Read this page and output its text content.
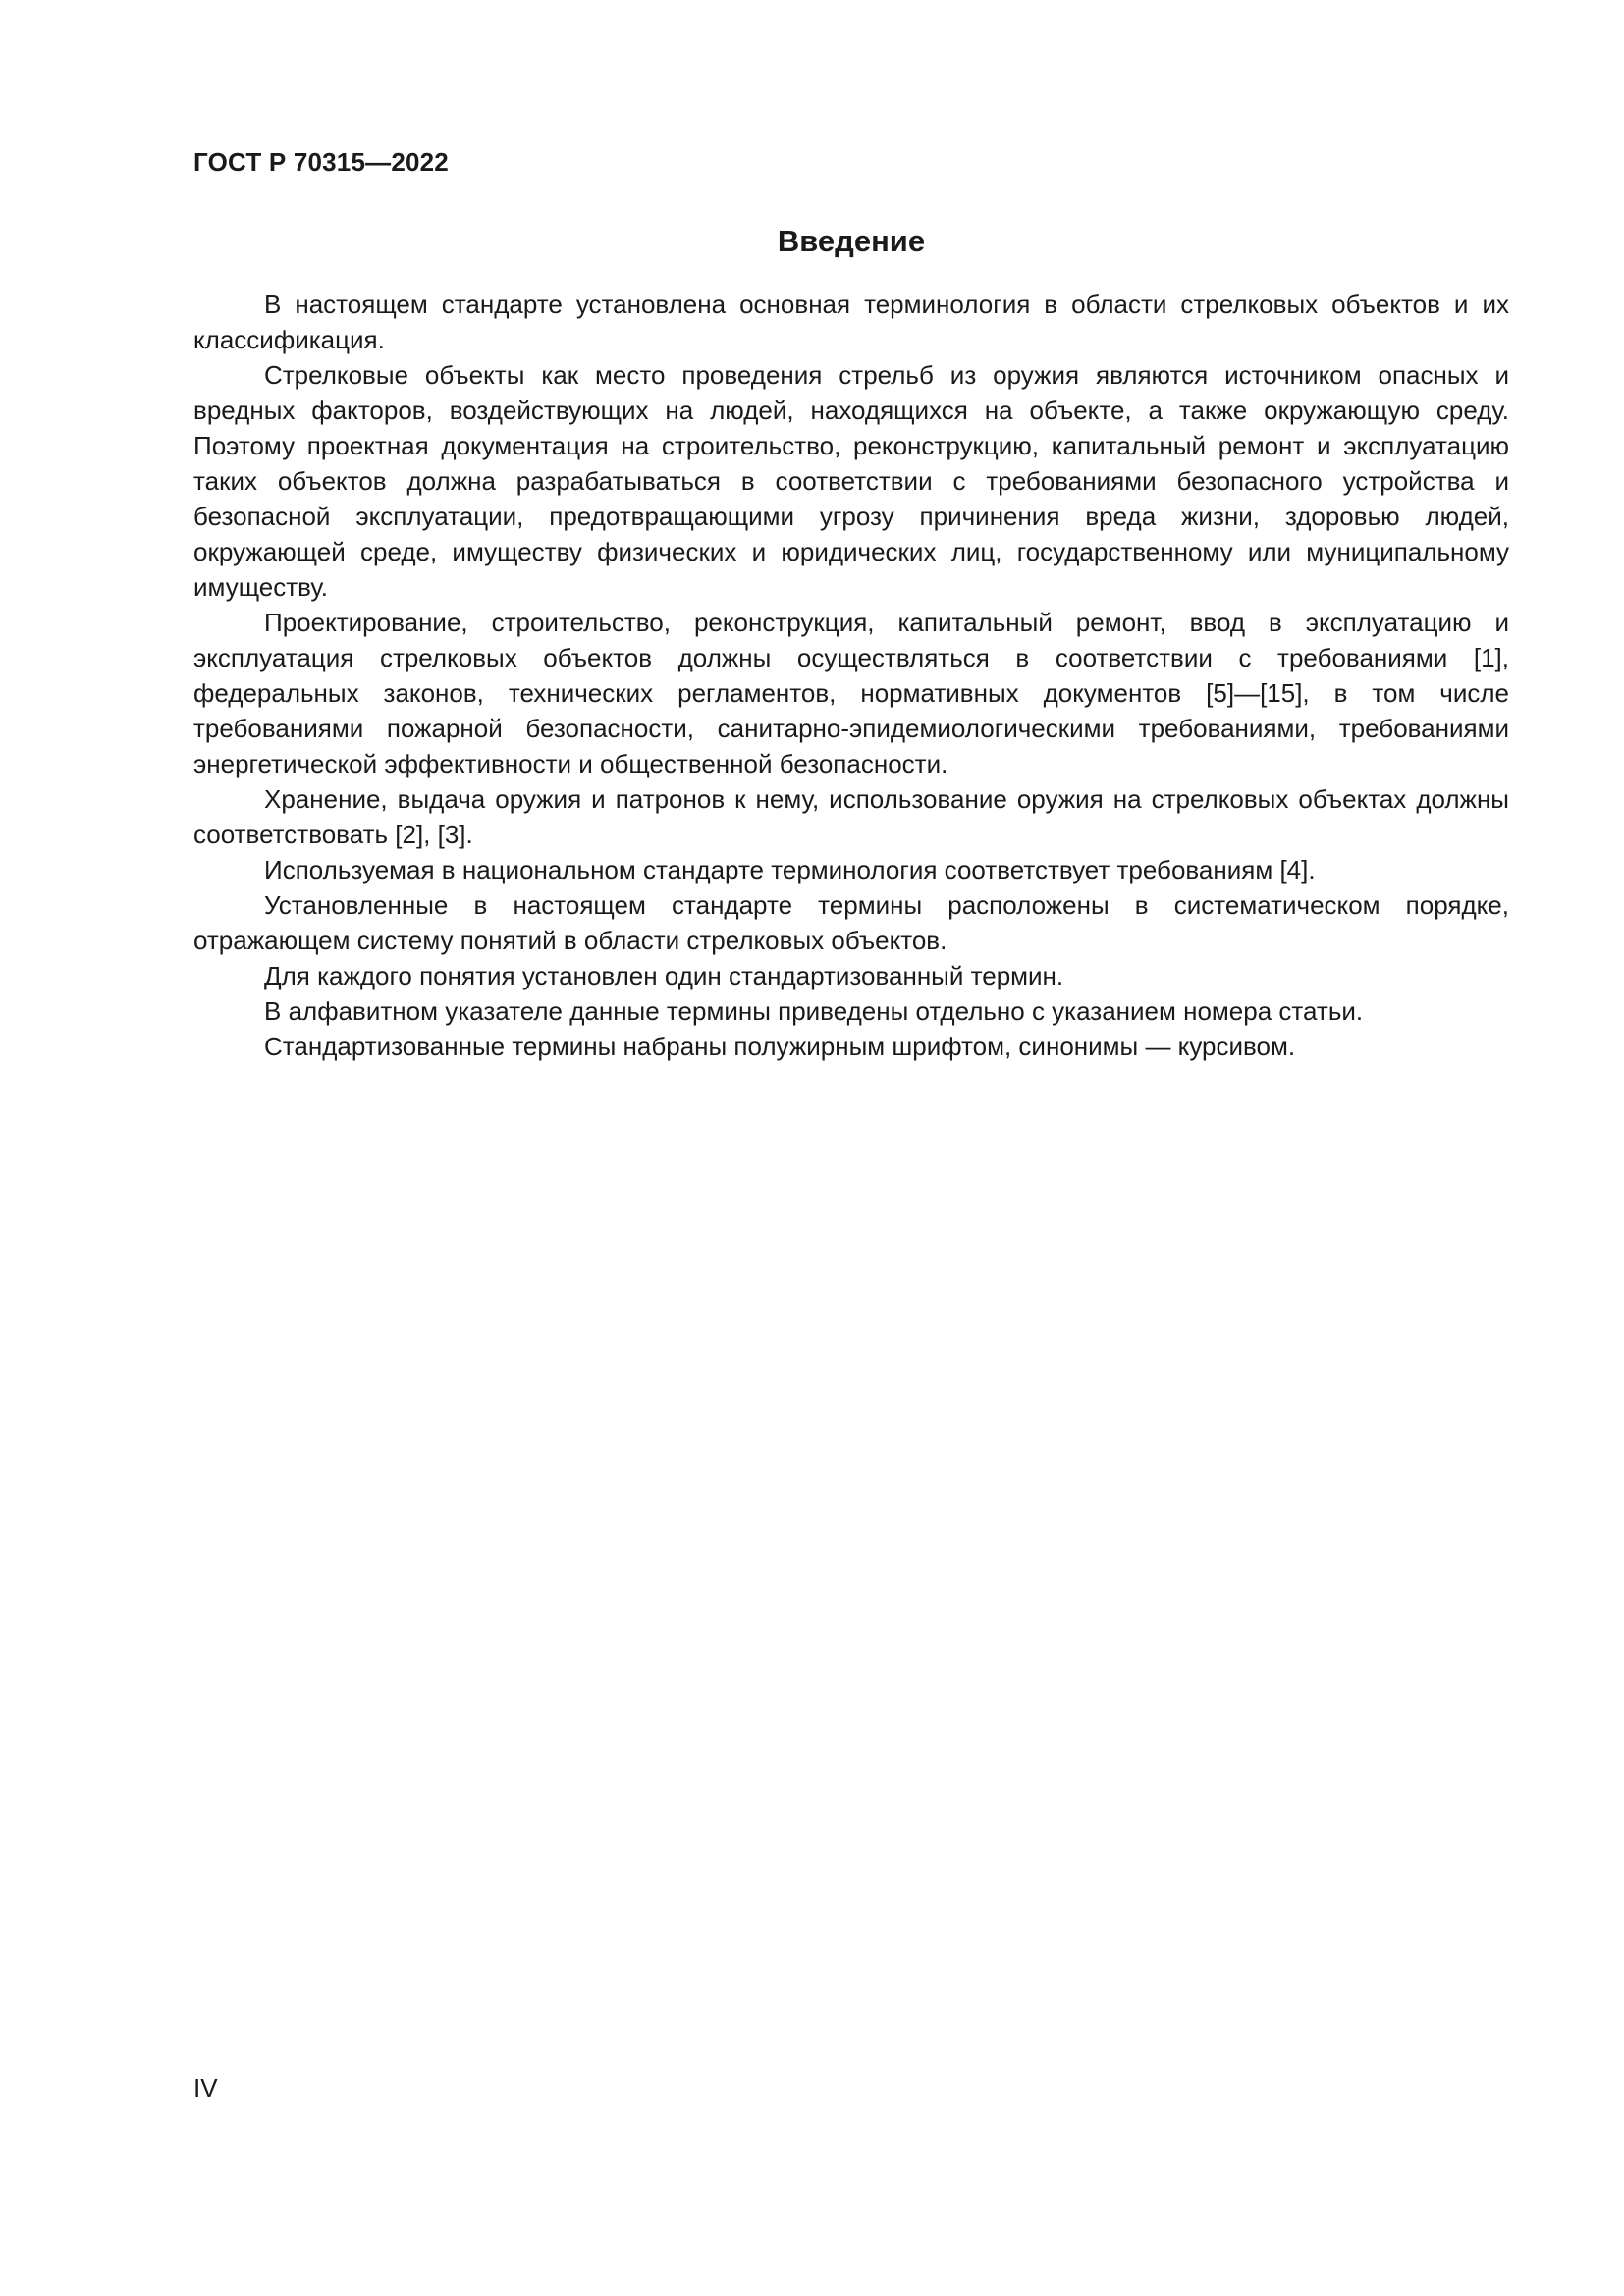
ГОСТ Р 70315—2022
Введение

В настоящем стандарте установлена основная терминология в области стрелковых объектов и их классификация.

Стрелковые объекты как место проведения стрельб из оружия являются источником опасных и вредных факторов, воздействующих на людей, находящихся на объекте, а также окружающую среду. Поэтому проектная документация на строительство, реконструкцию, капитальный ремонт и эксплуатацию таких объектов должна разрабатываться в соответствии с требованиями безопасного устройства и безопасной эксплуатации, предотвращающими угрозу причинения вреда жизни, здоровью людей, окружающей среде, имуществу физических и юридических лиц, государственному или муниципальному имуществу.

Проектирование, строительство, реконструкция, капитальный ремонт, ввод в эксплуатацию и эксплуатация стрелковых объектов должны осуществляться в соответствии с требованиями [1], федеральных законов, технических регламентов, нормативных документов [5]—[15], в том числе требованиями пожарной безопасности, санитарно-эпидемиологическими требованиями, требованиями энергетической эффективности и общественной безопасности.

Хранение, выдача оружия и патронов к нему, использование оружия на стрелковых объектах должны соответствовать [2], [3].

Используемая в национальном стандарте терминология соответствует требованиям [4].

Установленные в настоящем стандарте термины расположены в систематическом порядке, отражающем систему понятий в области стрелковых объектов.

Для каждого понятия установлен один стандартизованный термин.

В алфавитном указателе данные термины приведены отдельно с указанием номера статьи.

Стандартизованные термины набраны полужирным шрифтом, синонимы — курсивом.

IV
